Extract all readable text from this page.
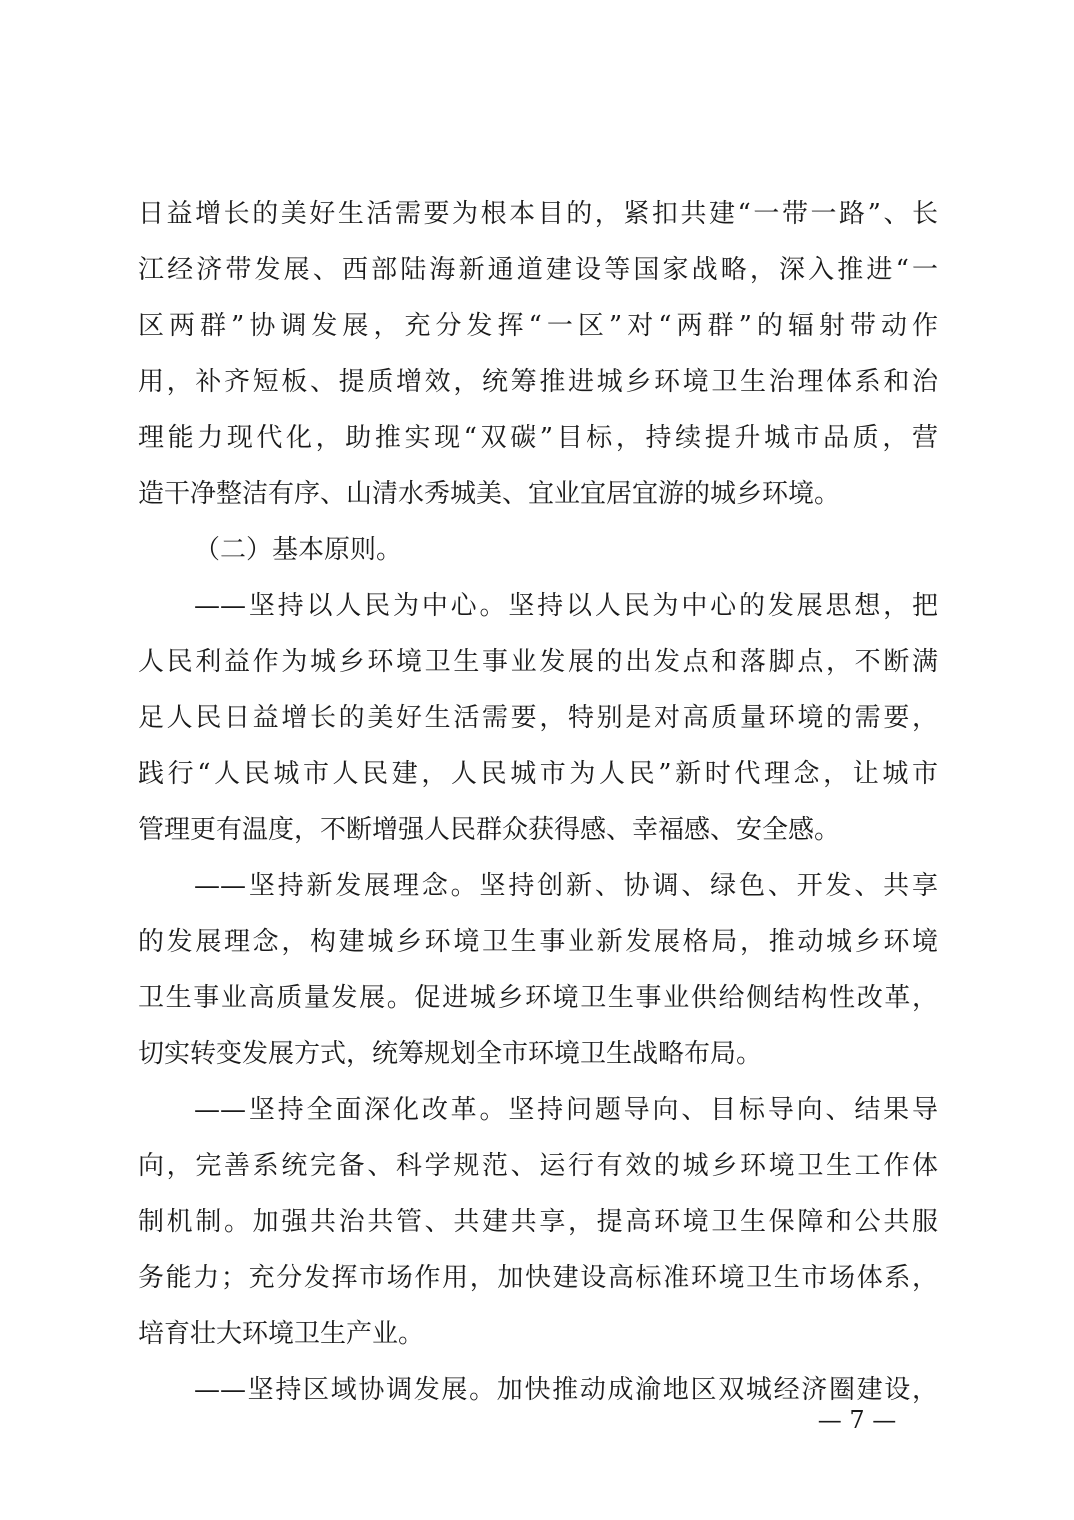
日益增长的美好生活需要为根本目的，紧扣共建“一带一路”、长
江经济带发展、西部陆海新通道建设等国家战略，深入推进“一
区两群”协调发展，充分发挥“一区”对“两群”的辐射带动作
用，补齐短板、提质增效，统筹推进城乡环境卫生治理体系和治
理能力现代化，助推实现“双碳”目标，持续提升城市品质，营
造干净整洁有序、山清水秀城美、宜业宜居宜游的城乡环境。
（二）基本原则。
——坚持以人民为中心。坚持以人民为中心的发展思想，把
人民利益作为城乡环境卫生事业发展的出发点和落脚点，不断满
足人民日益增长的美好生活需要，特别是对高质量环境的需要，
践行“人民城市人民建，人民城市为人民”新时代理念，让城市
管理更有温度，不断增强人民群众获得感、幸福感、安全感。
——坚持新发展理念。坚持创新、协调、绿色、开发、共享
的发展理念，构建城乡环境卫生事业新发展格局，推动城乡环境
卫生事业高质量发展。促进城乡环境卫生事业供给侧结构性改革，
切实转变发展方式，统筹规划全市环境卫生战略布局。
——坚持全面深化改革。坚持问题导向、目标导向、结果导
向，完善系统完备、科学规范、运行有效的城乡环境卫生工作体
制机制。加强共治共管、共建共享，提高环境卫生保障和公共服
务能力；充分发挥市场作用，加快建设高标准环境卫生市场体系，
培育壮大环境卫生产业。
——坚持区域协调发展。加快推动成渝地区双城经济圈建设，
— 7 —
